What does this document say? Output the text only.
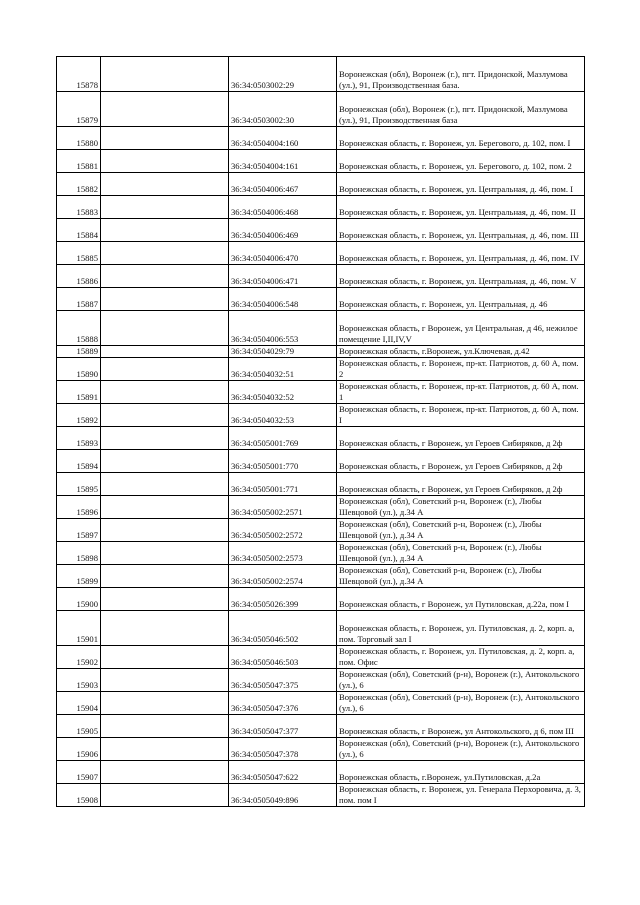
15878		36:34:0503002:29	Воронежская (обл), Воронеж (г.), пгт. Придонской, Мазлумова (ул.), 91, Производственная база.
15879		36:34:0503002:30	Воронежская (обл), Воронеж (г.), пгт. Придонской, Мазлумова (ул.), 91, Производственная база
15880		36:34:0504004:160	Воронежская область, г. Воронеж, ул. Берегового, д. 102, пом. I
15881		36:34:0504004:161	Воронежская область, г. Воронеж, ул. Берегового, д. 102, пом. 2
15882		36:34:0504006:467	Воронежская область, г. Воронеж, ул. Центральная, д. 46, пом. I
15883		36:34:0504006:468	Воронежская область, г. Воронеж, ул. Центральная, д. 46, пом. II
15884		36:34:0504006:469	Воронежская область, г. Воронеж, ул. Центральная, д. 46, пом. III
15885		36:34:0504006:470	Воронежская область, г. Воронеж, ул. Центральная, д. 46, пом. IV
15886		36:34:0504006:471	Воронежская область, г. Воронеж, ул. Центральная, д. 46, пом. V
15887		36:34:0504006:548	Воронежская область, г. Воронеж, ул. Центральная, д. 46
15888		36:34:0504006:553	Воронежская область, г Воронеж, ул Центральная, д 46, нежилое помещение I,II,IV,V
15889		36:34:0504029:79	Воронежская область, г.Воронеж, ул.Ключевая, д.42
15890		36:34:0504032:51	Воронежская область, г. Воронеж, пр-кт. Патриотов, д. 60 А, пом. 2
15891		36:34:0504032:52	Воронежская область, г. Воронеж, пр-кт. Патриотов, д. 60 А, пом. 1
15892		36:34:0504032:53	Воронежская область, г. Воронеж, пр-кт. Патриотов, д. 60 А, пом. I
15893		36:34:0505001:769	Воронежская область, г Воронеж, ул Героев Сибиряков, д 2ф
15894		36:34:0505001:770	Воронежская область, г Воронеж, ул Героев Сибиряков, д 2ф
15895		36:34:0505001:771	Воронежская область, г Воронеж, ул Героев Сибиряков, д 2ф
15896		36:34:0505002:2571	Воронежская (обл), Советский р-н, Воронеж (г.), Любы Шевцовой (ул.), д.34 А
15897		36:34:0505002:2572	Воронежская (обл), Советский р-н, Воронеж (г.), Любы Шевцовой (ул.), д.34 А
15898		36:34:0505002:2573	Воронежская (обл), Советский р-н, Воронеж (г.), Любы Шевцовой (ул.), д.34 А
15899		36:34:0505002:2574	Воронежская (обл), Советский р-н, Воронеж (г.), Любы Шевцовой (ул.), д.34 А
15900		36:34:0505026:399	Воронежская область, г Воронеж, ул Путиловская, д.22а, пом I
15901		36:34:0505046:502	Воронежская область, г. Воронеж, ул. Путиловская, д. 2, корп. а, пом. Торговый зал I
15902		36:34:0505046:503	Воронежская область, г. Воронеж, ул. Путиловская, д. 2, корп. а, пом. Офис
15903		36:34:0505047:375	Воронежская (обл), Советский (р-н), Воронеж (г.), Антокольского (ул.), 6
15904		36:34:0505047:376	Воронежская (обл), Советский (р-н), Воронеж (г.), Антокольского (ул.), 6
15905		36:34:0505047:377	Воронежская область, г Воронеж, ул Антокольского, д 6, пом III
15906		36:34:0505047:378	Воронежская (обл), Советский (р-н), Воронеж (г.), Антокольского (ул.), 6
15907		36:34:0505047:622	Воронежская область, г.Воронеж, ул.Путиловская, д.2а
15908		36:34:0505049:896	Воронежская область, г. Воронеж, ул. Генерала Перхоровича, д. 3, пом. пом I
